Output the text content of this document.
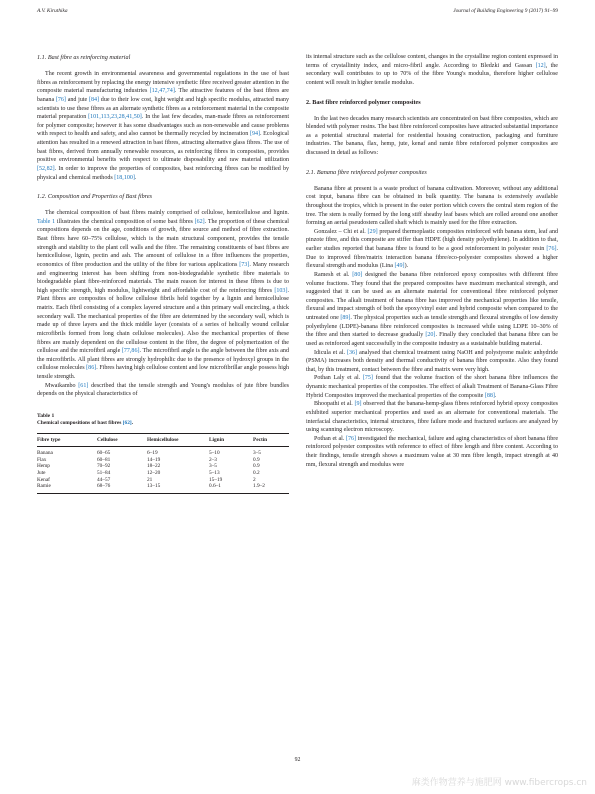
A.V. Kiruthika	Journal of Building Engineering 9 (2017) 91–99

1.1. Bast fibre as reinforcing material

The recent growth in environmental awareness and governmental regulations in the use of bast fibres as reinforcement by replacing the energy intensive synthetic fibre received greater attention in the composite material manufacturing industries [12,47,74]. The attractive features of the bast fibres are banana [76] and jute [84] due to their low cost, light weight and high specific modulus, attracted many scientists to use these fibres as an alternate synthetic fibres as a reinforcement material in the composite material preparation [101,113,23,28,41,50]. In the last few decades, man-made fibres as reinforcement for polymer composite; however it has some disadvantages such as non-renewable and cause problems with respect to health and safety, and also cannot be thermally recycled by incineration [94]. Ecological attention has resulted in a renewed attraction in bast fibres, attracting alternative glass fibres. The use of bast fibres, derived from annually renewable resources, as reinforcing fibres in composites, provides positive environmental benefits with respect to ultimate disposability and raw material utilization [52,82]. In order to improve the properties of composites, bast reinforcing fibres can be modified by physical and chemical methods [18,100].

1.2. Composition and Properties of Bast fibres

The chemical composition of bast fibres mainly comprised of cellulose, hemicellulose and lignin. Table 1 illustrates the chemical composition of some bast fibres [62]. The proportion of these chemical compositions depends on the age, conditions of growth, fibre source and method of fibre extraction. Bast fibres have 60–75% cellulose, which is the main structural component, provides the tensile strength and stability to the plant cell walls and the fibre. The remaining constituents of bast fibres are hemicellulose, lignin, pectin and ash. The amount of cellulose in a fibre influences the properties, economics of fibre production and the utility of the fibre for various applications [73]. Many research and engineering interest has been shifting from non-biodegradable synthetic fibre materials to biodegradable plant fibre-reinforced materials. The main reason for interest in these fibres is due to high specific strength, high modulus, lightweight and affordable cost of the reinforcing fibres [103]. Plant fibres are composites of hollow cellulose fibrils held together by a lignin and hemicellulose matrix. Each fibril consisting of a complex layered structure and a thin primary wall encircling, a thick secondary wall. The mechanical properties of the fibre are determined by the secondary wall, which is made up of three layers and the thick middle layer (consists of a series of helically wound cellular microfibrils formed from long chain cellulose molecules). Also the mechanical properties of these fibres are mainly dependent on the cellulose content in the fibre, the degree of polymerization of the cellulose and the microfibril angle [77,86]. The microfibril angle is the angle between the fibre axis and the microfibrils. All plant fibres are strongly hydrophilic due to the presence of hydroxyl groups in the cellulose molecules [86]. Fibres having high cellulose content and low microfibrillar angle possess high tensile strength.

Mwaikambo [61] described that the tensile strength and Young's modulus of jute fibre bundles depends on the physical characteristics of

Table 1

Chemical compositions of bast fibres [62].

Fibre type	Cellulose	Hemicellulose	Lignin	Pectin
Banana	60–65	6–19	5–10	3–5
Flax	60–81	14–19	2–3	0.9
Hemp	70–92	18–22	3–5	0.9
Jute	51–84	12–20	5–13	0.2
Kenaf	44–57	21	15–19	2
Ramie	68–76	13–15	0.6–1	1.9–2

its internal structure such as the cellulose content, changes in the crystalline region content expressed in terms of crystallinity index, and micro-fibril angle. According to Bledzki and Gassan [12], the secondary wall contributes to up to 70% of the fibre Young's modulus, therefore higher cellulose content will result in higher tensile modulus.

2. Bast fibre reinforced polymer composites

In the last two decades many research scientists are concentrated on bast fibre composites, which are blended with polymer resins. The bast fibre reinforced composites have attracted substantial importance as a potential structural material for residential housing construction, packaging and furniture industries. The banana, flax, hemp, jute, kenaf and ramie fibre reinforced polymer composites are discussed in detail as follows:

2.1. Banana fibre reinforced polymer composites

Banana fibre at present is a waste product of banana cultivation. Moreover, without any additional cost input, banana fibre can be obtained in bulk quantity. The banana is extensively available throughout the tropics, which is present in the outer portion which covers the central stem region of the tree. The stem is really formed by the long stiff sheathy leaf bases which are rolled around one another forming an aerial pseudostem called shaft which is mainly used for the fibre extraction.

Gonzalez – Chi et al. [29] prepared thermoplastic composites reinforced with banana stem, leaf and pinzote fibre, and this composite are stiffer than HDPE (high density polyethylene). In addition to that, earlier studies reported that banana fibre is found to be a good reinforcement in polyester resin [76]. Due to improved fibre/matrix interaction banana fibre/eco-polyester composites showed a higher flexural strength and modulus (Lina [49]).

Ramesh et al. [80] designed the banana fibre reinforced epoxy composites with different fibre volume fractions. They found that the prepared composites have maximum mechanical strength, and suggested that it can be used as an alternate material for conventional fibre reinforced polymer composites. The alkali treatment of banana fibre has improved the mechanical properties like tensile, flexural and impact strength of both the epoxy/vinyl ester and hybrid composite when compared to the untreated one [89]. The physical properties such as tensile strength and flexural strengths of low density polyethylene (LDPE)-banana fibre reinforced composites is increased while using LDPE 10–30% of the fibre and then started to decrease gradually [20]. Finally they concluded that banana fibre can be used as reinforced agent successfully in the composite industry as a sustainable building material.

Idicula et al. [36] analysed that chemical treatment using NaOH and polystyrene maleic anhydride (PSMA) increases both density and thermal conductivity of banana fibre composite. Also they found that, by this treatment, contact between the fibre and matrix were very high.

Pothan Laly et al. [75] found that the volume fraction of the short banana fibre influences the dynamic mechanical properties of the composites. The effect of alkali Treatment of Banana-Glass Fibre Hybrid Composites improved the mechanical properties of the composite [88].

Bhoopathi et al. [9] observed that the banana-hemp-glass fibres reinforced hybrid epoxy composites exhibited superior mechanical properties and used as an alternate for conventional materials. The interfacial characteristics, internal structures, fibre failure mode and fractured surfaces are analyzed by using scanning electron microscopy.

Pothan et al. [76] investigated the mechanical, failure and aging characteristics of short banana fibre reinforced polyester composites with reference to effect of fibre length and fibre content. According to their findings, tensile strength shows a maximum value at 30 mm fibre length, impact strength at 40 mm, flexural strength and modulus were

92
麻类作物营养与施肥网 www.fibercrops.cn
